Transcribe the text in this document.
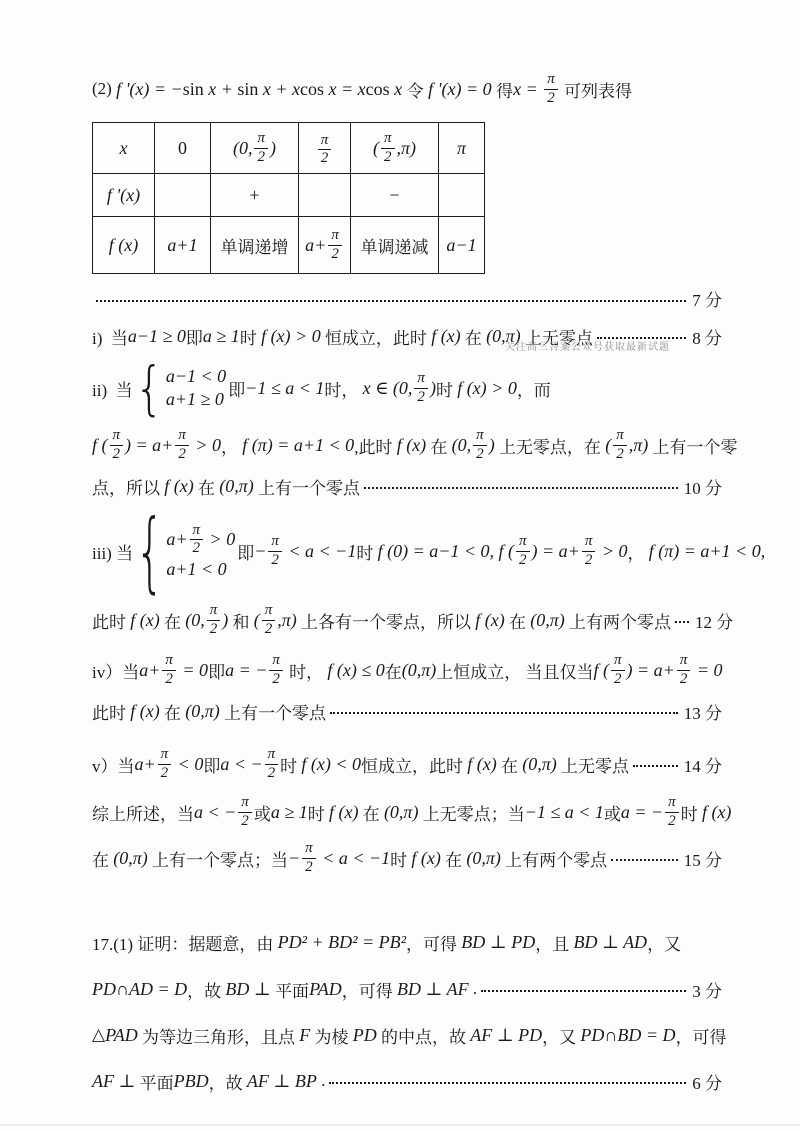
(2) f '(x) = − sin x + sin x + x cos x = x cos x 令 f '(x) = 0 得 $x = \frac{\pi}{2}$ 可列表得
x	0	(0, $\frac{\pi}{2}$ )	$\frac{\pi}{2}$	( $\frac{\pi}{2} ,\pi$)	π

f '(x)		+		−	

f (x)	a+1	单调递增	$a+ \frac{\pi}{2}$	单调递减	a−1
7 分
i)  当 a−1 ≥ 0 即 a ≥ 1 时 f (x) > 0 恒成立，此时 f (x) 在 (0,π) 上无零点	8 分
ii)  当 { a−1 < 0
a+1 ≥ 0 即 −1 ≤ a < 1 时， x ∈ (0, $\frac{\pi}{2}$ ) 时 f (x) > 0 ，而
f ( $\frac{\pi}{2}$ ) = $a+ \frac{\pi}{2} > 0$ ， f (π) = a+1 < 0 ,此时 f (x) 在 (0, $\frac{\pi}{2}$ ) 上无零点，在 ( $\frac{\pi}{2} ,\pi$) 上有一个零
点，所以 f (x) 在 (0,π) 上有一个零点	10 分
iii) 当 { $a+ \frac{\pi}{2} > 0$
a+1 < 0
即 − $\frac{\pi}{2} < a < -1$ 时 f (0) = a−1 < 0, f ( $\frac{\pi}{2}$ ) = $a+ \frac{\pi}{2} > 0$ ， f (π) = a+1 < 0,
此时 f (x) 在 (0, $\frac{\pi}{2}$ ) 和 ( $\frac{\pi}{2} ,\pi$) 上各有一个零点，所以 f (x) 在 (0,π) 上有两个零点 12 分
iv）当 $a+ \frac{\pi}{2} = 0$ 即 a = − $\frac{\pi}{2}$ 时， f (x) ≤ 0 在 (0,π) 上恒成立， 当且仅当 f ( $\frac{\pi}{2}$ ) = $a+ \frac{\pi}{2} = 0$
此时 f (x) 在 (0,π) 上有一个零点	13 分
v）当 $a+ \frac{\pi}{2} < 0$ 即 a < − $\frac{\pi}{2}$ 时 f (x) < 0 恒成立，此时 f (x) 在 (0,π) 上无零点	14 分
综上所述，当 a < − $\frac{\pi}{2}$ 或 a ≥ 1 时 f (x) 在 (0,π) 上无零点；当 −1 ≤ a < 1 或 a = − $\frac{\pi}{2}$ 时 f (x)
在 (0,π) 上有一个零点；当 − $\frac{\pi}{2} < a < -1$ 时 f (x) 在 (0,π) 上有两个零点	15 分
17.(1) 证明：据题意，由 PD² + BD² = PB² ，可得 BD ⊥ PD ，且 BD ⊥ AD ，又
PD∩AD = D ，故 BD ⊥ 平面 PAD ，可得 BD ⊥ AF .	3 分
△ PAD 为等边三角形，且点 F 为棱 PD 的中点，故 AF ⊥ PD ，又 PD∩BD = D ，可得
AF ⊥ 平面 PBD ，故 AF ⊥ BP .	6 分
关注高三答案公众号获取最新试题
